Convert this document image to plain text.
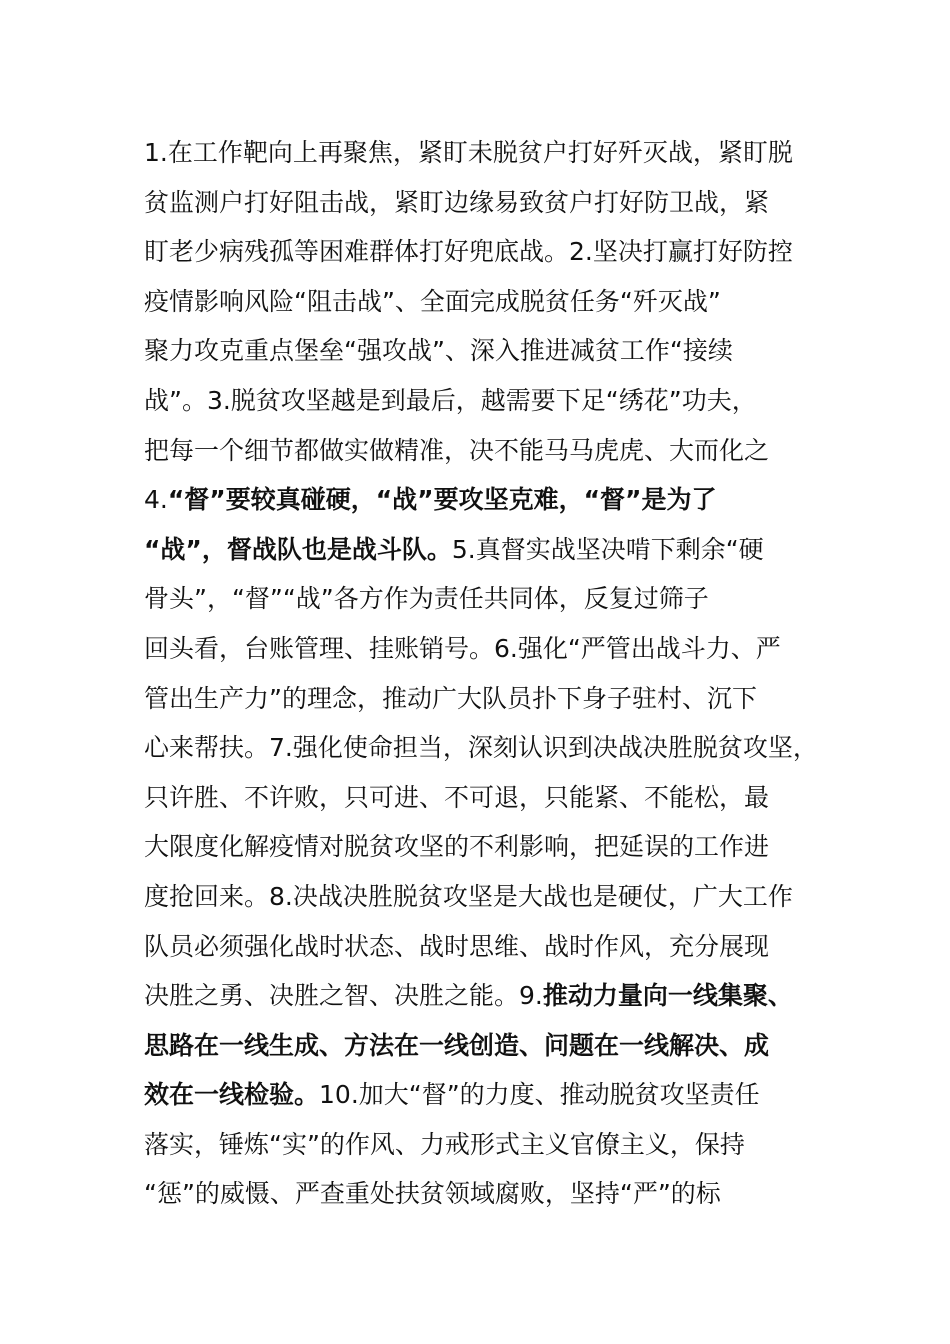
1.在工作靶向上再聚焦，紧盯未脱贫户打好歼灭战，紧盯脱
贫监测户打好阻击战，紧盯边缘易致贫户打好防卫战，紧
盯老少病残孤等困难群体打好兜底战。2.坚决打赢打好防控
疫情影响风险“阻击战”、全面完成脱贫任务“歼灭战”
聚力攻克重点堡垒“强攻战”、深入推进减贫工作“接续
战”。3.脱贫攻坚越是到最后，越需要下足“绣花”功夫，
把每一个细节都做实做精准，决不能马马虎虎、大而化之
4.“督”要较真碰硬，“战”要攻坚克难，“督”是为了
“战”，督战队也是战斗队。5.真督实战坚决啃下剩余“硬
骨头”，“督”“战”各方作为责任共同体，反复过筛子
回头看，台账管理、挂账销号。6.强化“严管出战斗力、严
管出生产力”的理念，推动广大队员扑下身子驻村、沉下
心来帮扶。7.强化使命担当，深刻认识到决战决胜脱贫攻坚，
只许胜、不许败，只可进、不可退，只能紧、不能松，最
大限度化解疫情对脱贫攻坚的不利影响，把延误的工作进
度抢回来。8.决战决胜脱贫攻坚是大战也是硬仗，广大工作
队员必须强化战时状态、战时思维、战时作风，充分展现
决胜之勇、决胜之智、决胜之能。9.推动力量向一线集聚、
思路在一线生成、方法在一线创造、问题在一线解决、成
效在一线检验。10.加大“督”的力度、推动脱贫攻坚责任
落实，锤炼“实”的作风、力戒形式主义官僚主义，保持
“惩”的威慑、严查重处扶贫领域腐败，坚持“严”的标
